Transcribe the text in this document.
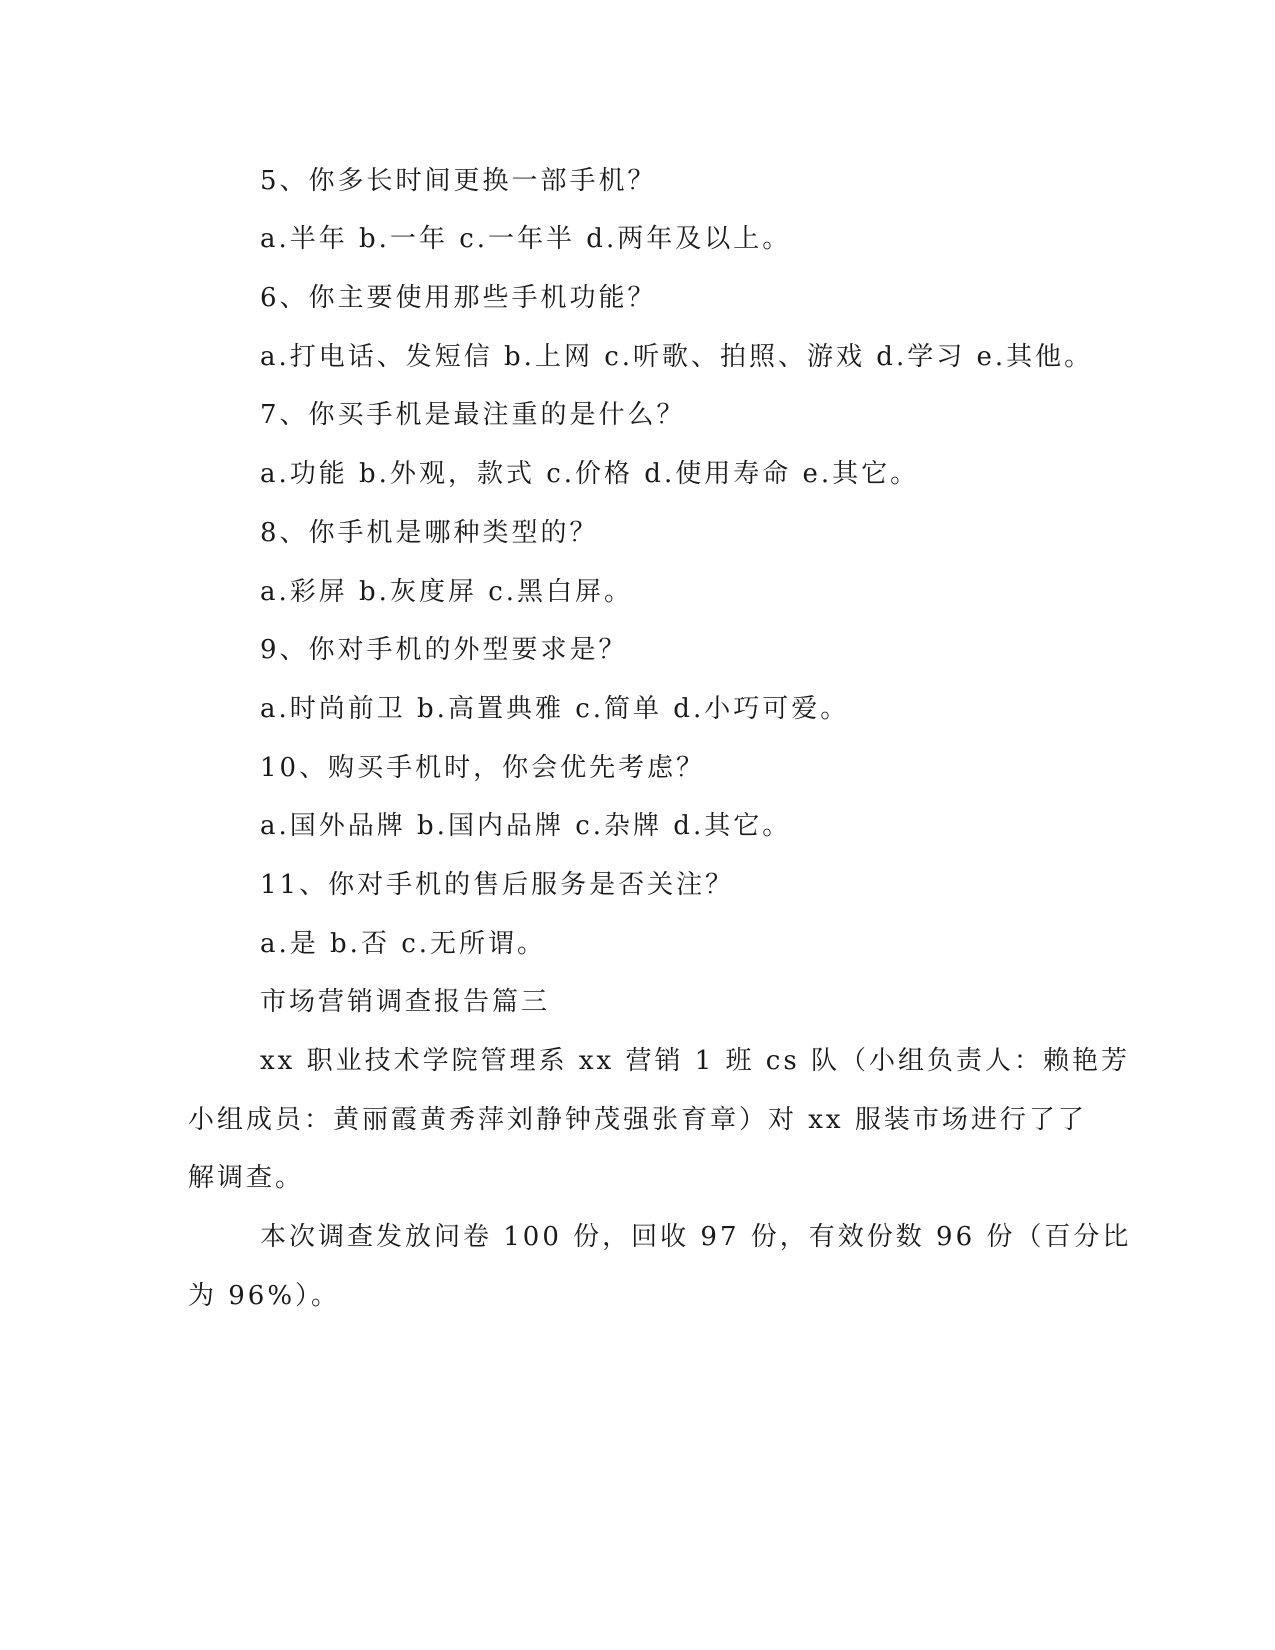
5、你多长时间更换一部手机？
a.半年 b.一年 c.一年半 d.两年及以上。
6、你主要使用那些手机功能？
a.打电话、发短信 b.上网 c.听歌、拍照、游戏 d.学习 e.其他。
7、你买手机是最注重的是什么？
a.功能 b.外观，款式 c.价格 d.使用寿命 e.其它。
8、你手机是哪种类型的？
a.彩屏 b.灰度屏 c.黑白屏。
9、你对手机的外型要求是？
a.时尚前卫 b.高置典雅 c.简单 d.小巧可爱。
10、购买手机时，你会优先考虑？
a.国外品牌 b.国内品牌 c.杂牌 d.其它。
11、你对手机的售后服务是否关注？
a.是 b.否 c.无所谓。
市场营销调查报告篇三
xx 职业技术学院管理系 xx 营销 1 班 cs 队（小组负责人：赖艳芳
小组成员：黄丽霞黄秀萍刘静钟茂强张育章）对 xx 服装市场进行了了
解调查。
本次调查发放问卷 100 份，回收 97 份，有效份数 96 份（百分比
为 96%）。
